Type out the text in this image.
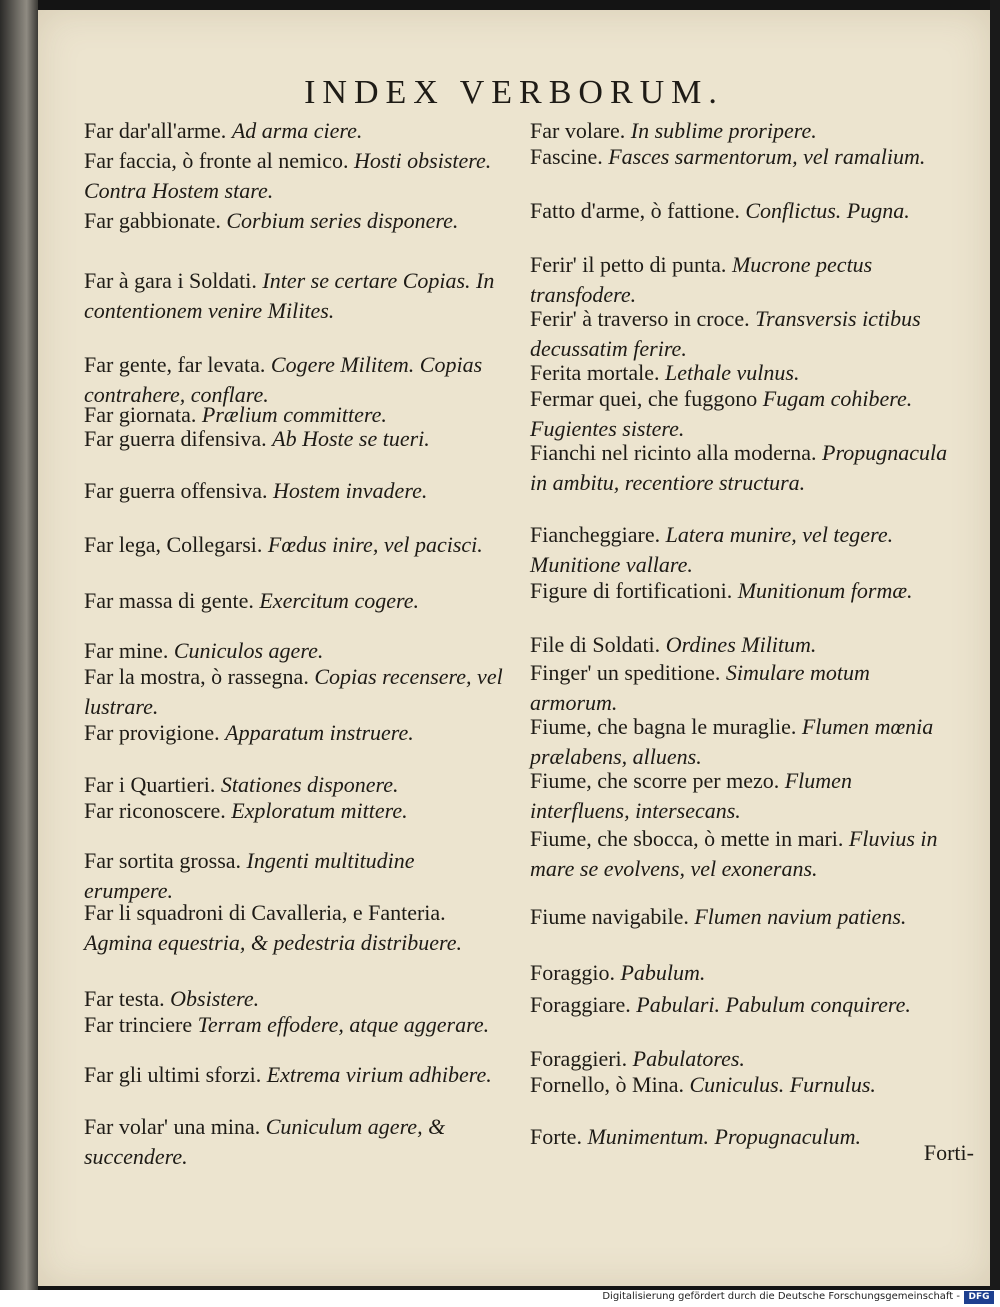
INDEX VERBORUM.
Far dar'all'arme. Ad arma ciere.
Far faccia, ò fronte al nemico. Hosti obsistere. Contra Hostem stare.
Far gabbionate. Corbium series disponere.
Far à gara i Soldati. Inter se certare Copias. In contentionem venire Milites.
Far gente, far levata. Cogere Militem. Copias contrahere, conflare.
Far giornata. Prælium committere.
Far guerra difensiva. Ab Hoste se tueri.
Far guerra offensiva. Hostem invadere.
Far lega, Collegarsi. Fœdus inire, vel pacisci.
Far massa di gente. Exercitum cogere.
Far mine. Cuniculos agere.
Far la mostra, ò rassegna. Copias recensere, vel lustrare.
Far provigione. Apparatum instruere.
Far i Quartieri. Stationes disponere.
Far riconoscere. Exploratum mittere.
Far sortita grossa. Ingenti multitudine erumpere.
Far li squadroni di Cavalleria, e Fanteria. Agmina equestria, & pedestria distribuere.
Far testa. Obsistere.
Far trinciere Terram effodere, atque aggerare.
Far gli ultimi sforzi. Extrema virium adhibere.
Far volar' una mina. Cuniculum agere, & succendere.
Far volare. In sublime proripere.
Fascine. Fasces sarmentorum, vel ramalium.
Fatto d'arme, ò fattione. Conflictus. Pugna.
Ferir' il petto di punta. Mucrone pectus transfodere.
Ferir' à traverso in croce. Transversis ictibus decussatim ferire.
Ferita mortale. Lethale vulnus.
Fermar quei, che fuggono Fugam cohibere. Fugientes sistere.
Fianchi nel ricinto alla moderna. Propugnacula in ambitu, recentiore structura.
Fiancheggiare. Latera munire, vel tegere. Munitione vallare.
Figure di fortificationi. Munitionum formæ.
File di Soldati. Ordines Militum.
Finger' un speditione. Simulare motum armorum.
Fiume, che bagna le muraglie. Flumen mœnia prælabens, alluens.
Fiume, che scorre per mezo. Flumen interfluens, intersecans.
Fiume, che sbocca, ò mette in mari. Fluvius in mare se evolvens, vel exonerans.
Fiume navigabile. Flumen navium patiens.
Foraggio. Pabulum.
Foraggiare. Pabulari. Pabulum conquirere.
Foraggieri. Pabulatores.
Fornello, ò Mina. Cuniculus. Furnulus.
Forte. Munimentum. Propugnaculum.
Forti-
Digitalisierung gefördert durch die Deutsche Forschungsgemeinschaft - DFG
